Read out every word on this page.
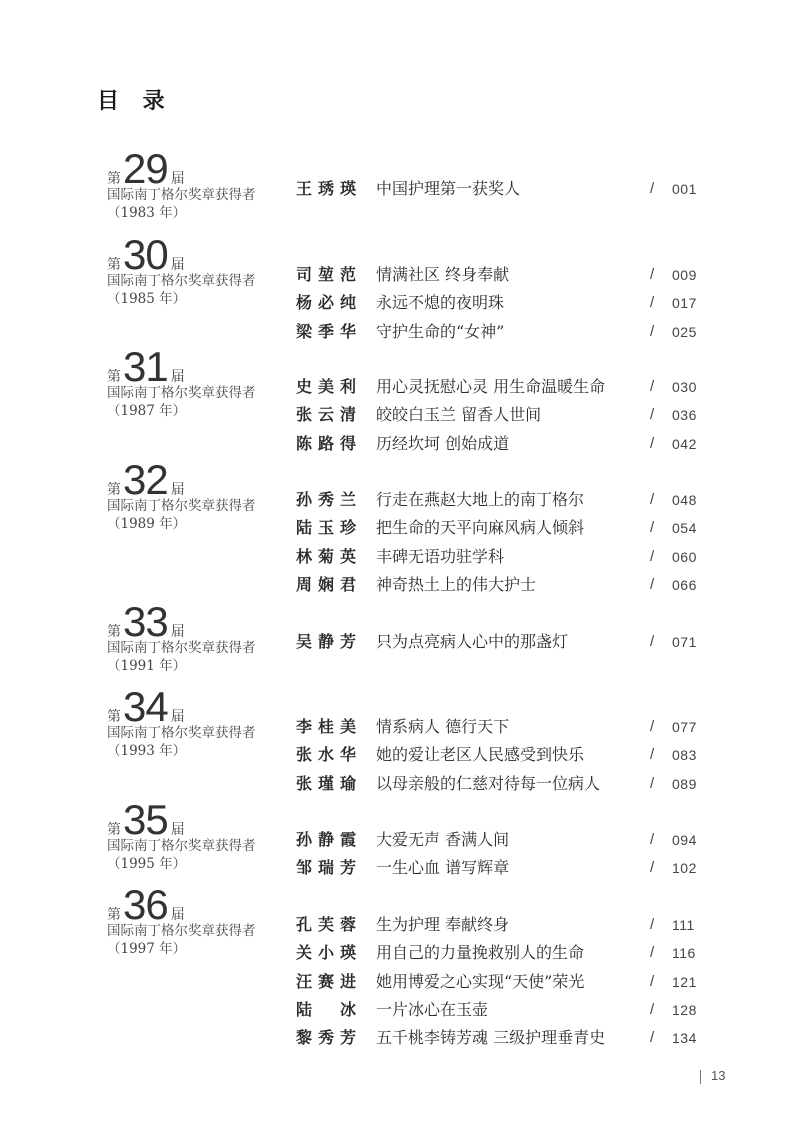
目 录
第 29 届
国际南丁格尔奖章获得者
（1983 年）
王琇瑛 中国护理第一获奖人	/ 001
第 30 届
国际南丁格尔奖章获得者
（1985 年）
司堃范 情满社区 终身奉献	/ 009
杨必纯 永远不熄的夜明珠	/ 017
梁季华 守护生命的“女神”	/ 025
第 31 届
国际南丁格尔奖章获得者
（1987 年）
史美利 用心灵抚慰心灵 用生命温暖生命	/ 030
张云清 皎皎白玉兰 留香人世间	/ 036
陈路得 历经坎坷 创始成道	/ 042
第 32 届
国际南丁格尔奖章获得者
（1989 年）
孙秀兰 行走在燕赵大地上的南丁格尔	/ 048
陆玉珍 把生命的天平向麻风病人倾斜	/ 054
林菊英 丰碑无语功驻学科	/ 060
周娴君 神奇热土上的伟大护士	/ 066
第 33 届
国际南丁格尔奖章获得者
（1991 年）
吴静芳 只为点亮病人心中的那盏灯	/ 071
第 34 届
国际南丁格尔奖章获得者
（1993 年）
李桂美 情系病人 德行天下	/ 077
张水华 她的爱让老区人民感受到快乐	/ 083
张瑾瑜 以母亲般的仁慈对待每一位病人	/ 089
第 35 届
国际南丁格尔奖章获得者
（1995 年）
孙静霞 大爱无声 香满人间	/ 094
邹瑞芳 一生心血 谱写辉章	/ 102
第 36 届
国际南丁格尔奖章获得者
（1997 年）
孔芙蓉 生为护理 奉献终身	/ 111
关小瑛 用自己的力量挽救别人的生命	/ 116
汪赛进 她用博爱之心实现“天使”荣光	/ 121
陆 冰 一片冰心在玉壶	/ 128
黎秀芳 五千桃李铸芳魂 三级护理垂青史	/ 134
13
